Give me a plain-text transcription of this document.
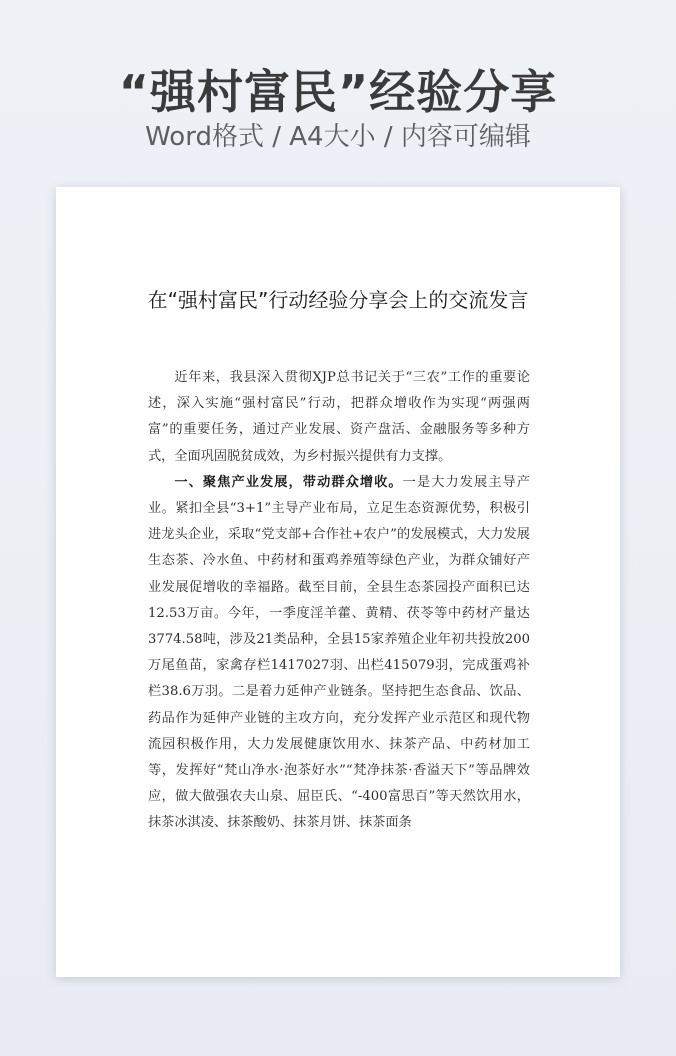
“强村富民”经验分享
Word格式 / A4大小 / 内容可编辑
在“强村富民”行动经验分享会上的交流发言

近年来，我县深入贯彻XJP总书记关于“三农”工作的重要论述，深入实施“强村富民”行动，把群众增收作为实现“两强两富”的重要任务，通过产业发展、资产盘活、金融服务等多种方式，全面巩固脱贫成效，为乡村振兴提供有力支撑。

一、聚焦产业发展，带动群众增收。一是大力发展主导产业。紧扣全县“3+1”主导产业布局，立足生态资源优势，积极引进龙头企业，采取“党支部+合作社+农户”的发展模式，大力发展生态茶、冷水鱼、中药材和蛋鸡养殖等绿色产业，为群众铺好产业发展促增收的幸福路。截至目前，全县生态茶园投产面积已达12.53万亩。今年，一季度淫羊藿、黄精、茯苓等中药材产量达3774.58吨，涉及21类品种，全县15家养殖企业年初共投放200万尾鱼苗，家禽存栏1417027羽、出栏415079羽，完成蛋鸡补栏38.6万羽。二是着力延伸产业链条。坚持把生态食品、饮品、药品作为延伸产业链的主攻方向，充分发挥产业示范区和现代物流园积极作用，大力发展健康饮用水、抹茶产品、中药材加工等，发挥好“梵山净水·泡茶好水”“梵净抹茶·香溢天下”等品牌效应，做大做强农夫山泉、屈臣氏、“-400富思百”等天然饮用水，抹茶冰淇凌、抹茶酸奶、抹茶月饼、抹茶面条
